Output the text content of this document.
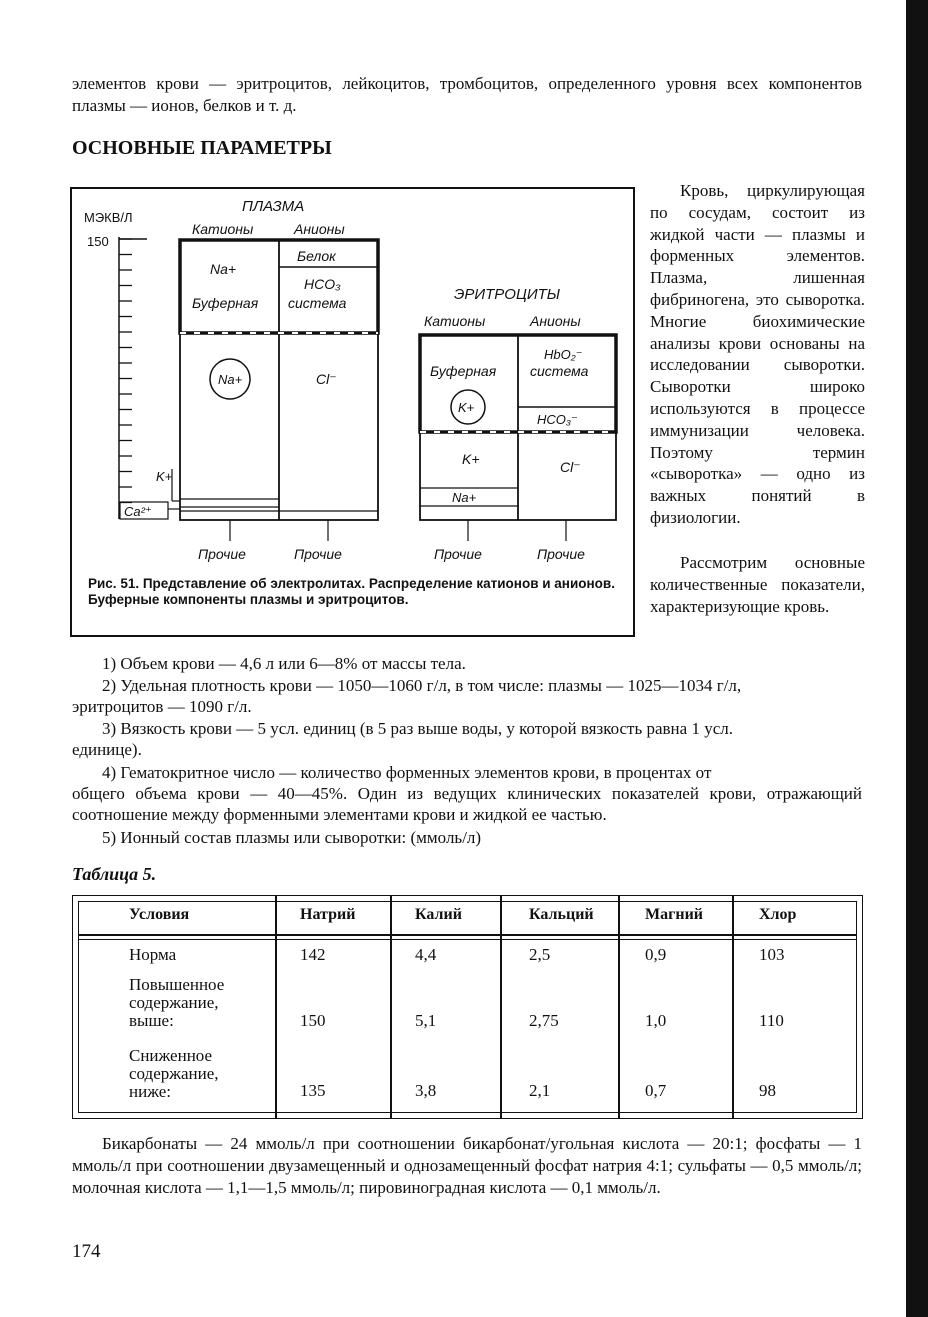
элементов крови — эритроцитов, лейкоцитов, тромбоцитов, определенного уровня всех компонентов плазмы — ионов, белков и т. д.
ОСНОВНЫЕ ПАРАМЕТРЫ
МЭКВ/Л
150
ПЛАЗМА
Катионы	Анионы
Белок
HCO₃
Na+
Буферная система
Na+	Cl⁻
K+
Ca²⁺
ЭРИТРОЦИТЫ
Катионы	Анионы
HbO₂⁻
Буферная система
K+
HCO₃⁻
K+	Cl⁻
Na+
Прочие	Прочие	Прочие	Прочие
Рис. 51. Представление об электролитах. Распределение катионов и анионов. Буферные компоненты плазмы и эритроцитов.
Кровь, циркулирующая по сосудам, состоит из жидкой части — плазмы и форменных элементов. Плазма, лишенная фибриногена, это сыворотка. Многие биохимические анализы крови основаны на исследовании сыворотки. Сыворотки широко используются в процессе иммунизации человека. Поэтому термин «сыворотка» — одно из важных понятий в физиологии.
Рассмотрим основные количественные показатели, характеризующие кровь.
1) Объем крови — 4,6 л или 6—8% от массы тела.
2) Удельная плотность крови — 1050—1060 г/л, в том числе: плазмы — 1025—1034 г/л,
эритроцитов — 1090 г/л.
3) Вязкость крови — 5 усл. единиц (в 5 раз выше воды, у которой вязкость равна 1 усл.
единице).
4) Гематокритное число — количество форменных элементов крови, в процентах от
общего объема крови — 40—45%. Один из ведущих клинических показателей крови, отражающий соотношение между форменными элементами крови и жидкой ее частью.
5) Ионный состав плазмы или сыворотки: (ммоль/л)
Таблица 5.
Условия	Натрий	Калий	Кальций	Магний	Хлор
Норма	142	4,4	2,5	0,9	103
Повышенное
содержание,
выше:	150	5,1	2,75	1,0	110
Сниженное
содержание,
ниже:	135	3,8	2,1	0,7	98
Бикарбонаты — 24 ммоль/л при соотношении бикарбонат/угольная кислота — 20:1; фосфаты — 1 ммоль/л при соотношении двузамещенный и однозамещенный фосфат натрия 4:1; сульфаты — 0,5 ммоль/л; молочная кислота — 1,1—1,5 ммоль/л; пировиноградная кислота — 0,1 ммоль/л.
174
